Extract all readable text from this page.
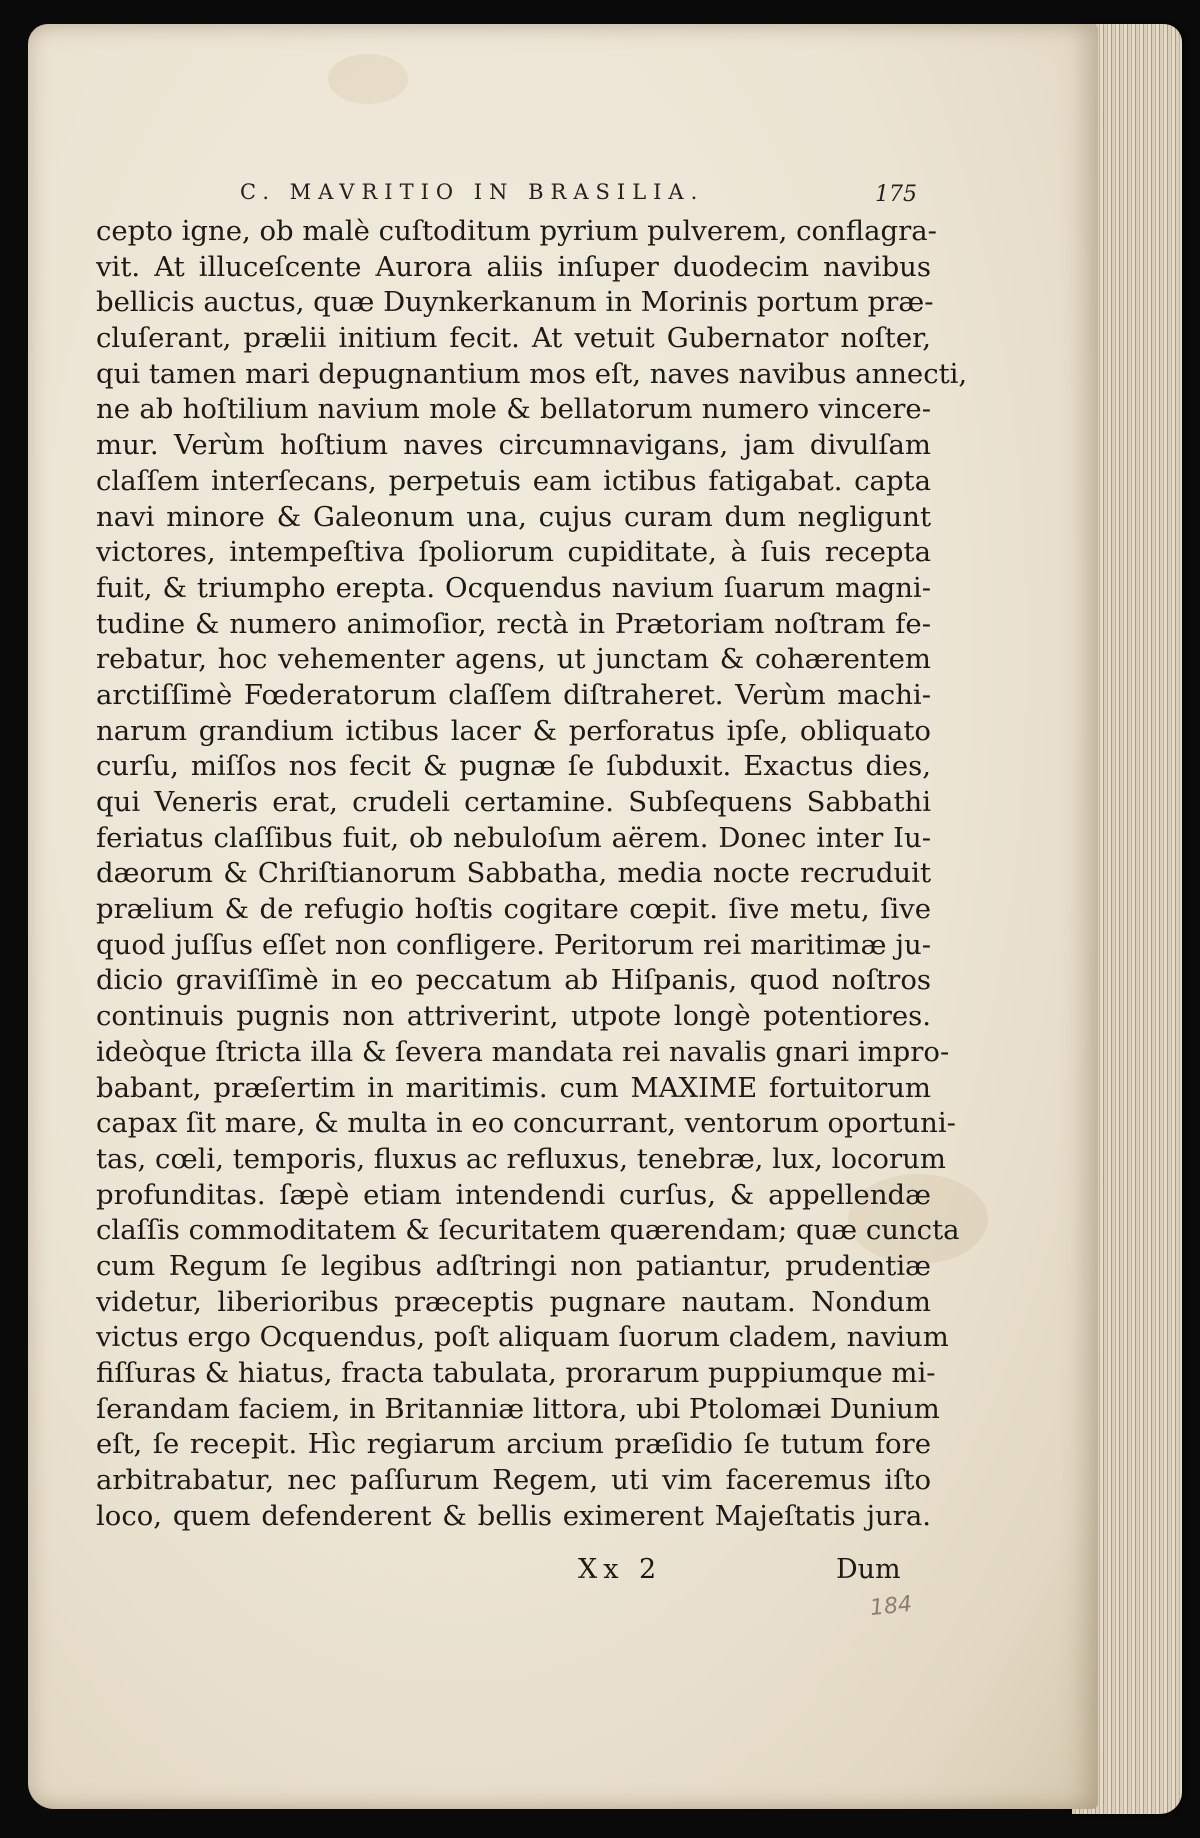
C. MAVRITIO IN BRASILIA.	175
cepto igne, ob malè cuſtoditum pyrium pulverem, conflagra-
vit. At illuceſcente Aurora aliis inſuper duodecim navibus
bellicis auctus, quæ Duynkerkanum in Morinis portum præ-
cluſerant, prælii initium fecit. At vetuit Gubernator noſter,
qui tamen mari depugnantium mos eſt, naves navibus annecti,
ne ab hoſtilium navium mole & bellatorum numero vincere-
mur. Verùm hoſtium naves circumnavigans, jam divulſam
claſſem interſecans, perpetuis eam ictibus fatigabat. capta
navi minore & Galeonum una, cujus curam dum negligunt
victores, intempeſtiva ſpoliorum cupiditate, à ſuis recepta
fuit, & triumpho erepta. Ocquendus navium ſuarum magni-
tudine & numero animoſior, rectà in Prætoriam noſtram fe-
rebatur, hoc vehementer agens, ut junctam & cohærentem
arctiſſimè Fœderatorum claſſem diſtraheret. Verùm machi-
narum grandium ictibus lacer & perforatus ipſe, obliquato
curſu, miſſos nos fecit & pugnæ ſe ſubduxit. Exactus dies,
qui Veneris erat, crudeli certamine. Subſequens Sabbathi
feriatus claſſibus fuit, ob nebuloſum aërem. Donec inter Iu-
dæorum & Chriſtianorum Sabbatha, media nocte recruduit
prælium & de refugio hoſtis cogitare cœpit. ſive metu, ſive
quod juſſus eſſet non confligere. Peritorum rei maritimæ ju-
dicio graviſſimè in eo peccatum ab Hiſpanis, quod noſtros
continuis pugnis non attriverint, utpote longè potentiores.
ideòque ſtricta illa & ſevera mandata rei navalis gnari impro-
babant, præſertim in maritimis. cum MAXIME fortuitorum
capax ſit mare, & multa in eo concurrant, ventorum oportuni-
tas, cœli, temporis, fluxus ac refluxus, tenebræ, lux, locorum
profunditas. ſæpè etiam intendendi curſus, & appellendæ
claſſis commoditatem & ſecuritatem quærendam; quæ cuncta
cum Regum ſe legibus adſtringi non patiantur, prudentiæ
videtur, liberioribus præceptis pugnare nautam. Nondum
victus ergo Ocquendus, poſt aliquam ſuorum cladem, navium
fiſſuras & hiatus, fracta tabulata, prorarum puppiumque mi-
ſerandam faciem, in Britanniæ littora, ubi Ptolomæi Dunium
eſt, ſe recepit. Hìc regiarum arcium præſidio ſe tutum fore
arbitrabatur, nec paſſurum Regem, uti vim faceremus iſto
loco, quem defenderent & bellis eximerent Majeſtatis jura.
Xx 2	Dum
184
